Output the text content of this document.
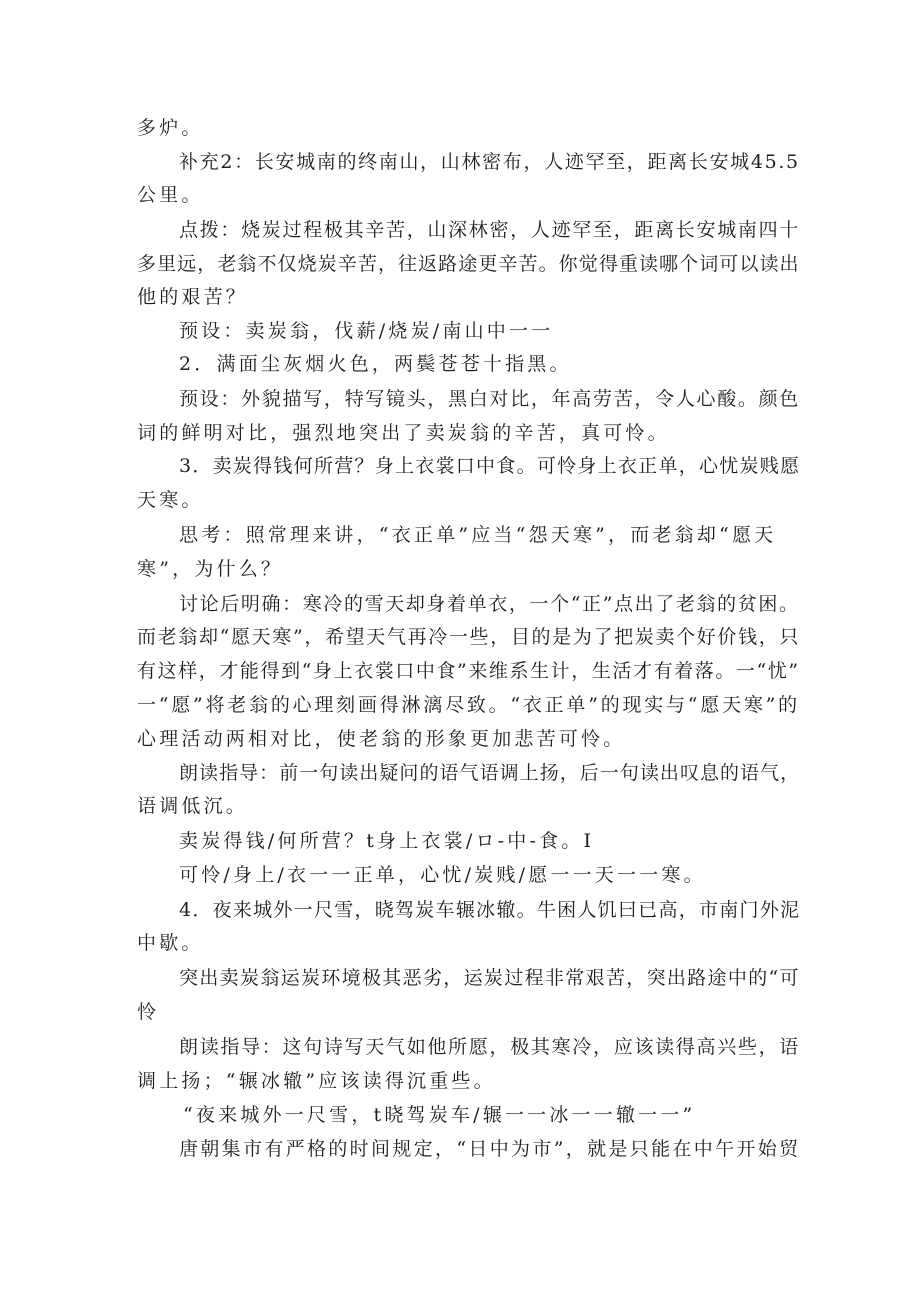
多炉。
补充2：长安城南的终南山，山林密布，人迹罕至，距离长安城45.5
公里。
点拨：烧炭过程极其辛苦，山深林密，人迹罕至，距离长安城南四十
多里远，老翁不仅烧炭辛苦，往返路途更辛苦。你觉得重读哪个词可以读出
他的艰苦？
预设：卖炭翁，伐薪/烧炭/南山中一一
2．满面尘灰烟火色，两鬓苍苍十指黑。
预设：外貌描写，特写镜头，黑白对比，年高劳苦，令人心酸。颜色
词的鲜明对比，强烈地突出了卖炭翁的辛苦，真可怜。
3．卖炭得钱何所营？身上衣裳口中食。可怜身上衣正单，心忧炭贱愿
天寒。
思考：照常理来讲，“衣正单”应当“怨天寒”，而老翁却“愿天
寒”，为什么？
讨论后明确：寒冷的雪天却身着单衣，一个“正”点出了老翁的贫困。
而老翁却“愿天寒”，希望天气再冷一些，目的是为了把炭卖个好价钱，只
有这样，才能得到“身上衣裳口中食”来维系生计，生活才有着落。一“忧”
一“愿”将老翁的心理刻画得淋漓尽致。“衣正单”的现实与“愿天寒”的
心理活动两相对比，使老翁的形象更加悲苦可怜。
朗读指导：前一句读出疑问的语气语调上扬，后一句读出叹息的语气，
语调低沉。
卖炭得钱/何所营？t身上衣裳/ロ-中-食。I
可怜/身上/衣一一正单，心忧/炭贱/愿一一天一一寒。
4．夜来城外一尺雪，晓驾炭车辗冰辙。牛困人饥曰已高，市南门外泥
中歇。
突出卖炭翁运炭环境极其恶劣，运炭过程非常艰苦，突出路途中的“可
怜
朗读指导：这句诗写天气如他所愿，极其寒冷，应该读得高兴些，语
调上扬；“辗冰辙”应该读得沉重些。
“夜来城外一尺雪，t晓驾炭车/辗一一冰一一辙一一”
唐朝集市有严格的时间规定，“日中为市”，就是只能在中午开始贸
